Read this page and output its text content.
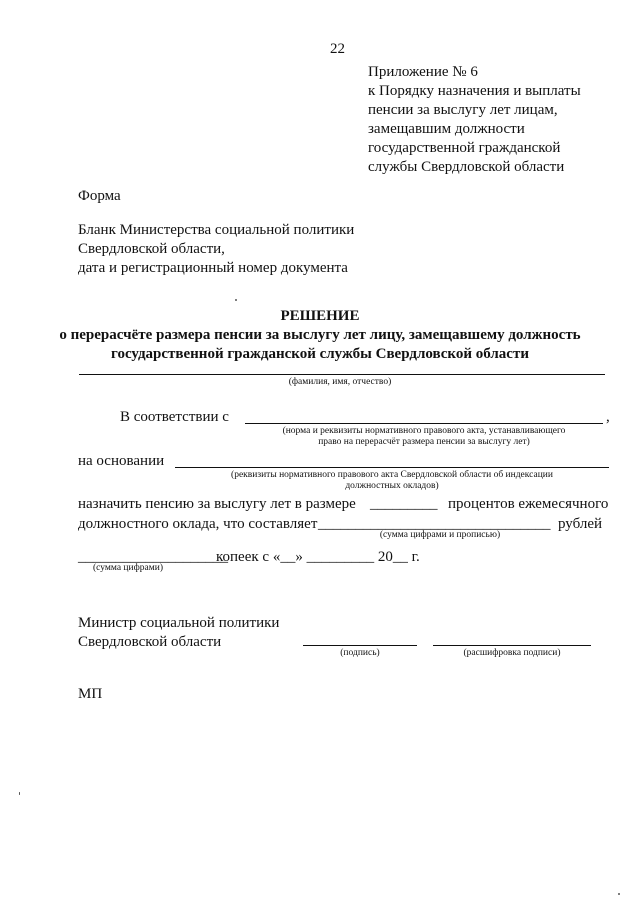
22
Приложение № 6
к Порядку назначения и выплаты
пенсии за выслугу лет лицам,
замещавшим должности
государственной гражданской
службы Свердловской области
Форма
Бланк Министерства социальной политики
Свердловской области,
дата и регистрационный номер документа
РЕШЕНИЕ
о перерасчёте размера пенсии за выслугу лет лицу, замещавшему должность
государственной гражданской службы Свердловской области
(фамилия, имя, отчество)
В соответствии с	,
(норма и реквизиты нормативного правового акта, устанавливающего
право на перерасчёт размера пенсии за выслугу лет)
на основании
(реквизиты нормативного правового акта Свердловской области об индексации
должностных окладов)
назначить пенсию за выслугу лет в размере _________ процентов ежемесячного
должностного оклада, что составляет _______________________________ рублей
(сумма цифрами и прописью)
____________________
копеек с «__» _________ 20__ г.
(сумма цифрами)
Министр социальной политики
Свердловской области
(подпись)	(расшифровка подписи)
МП
